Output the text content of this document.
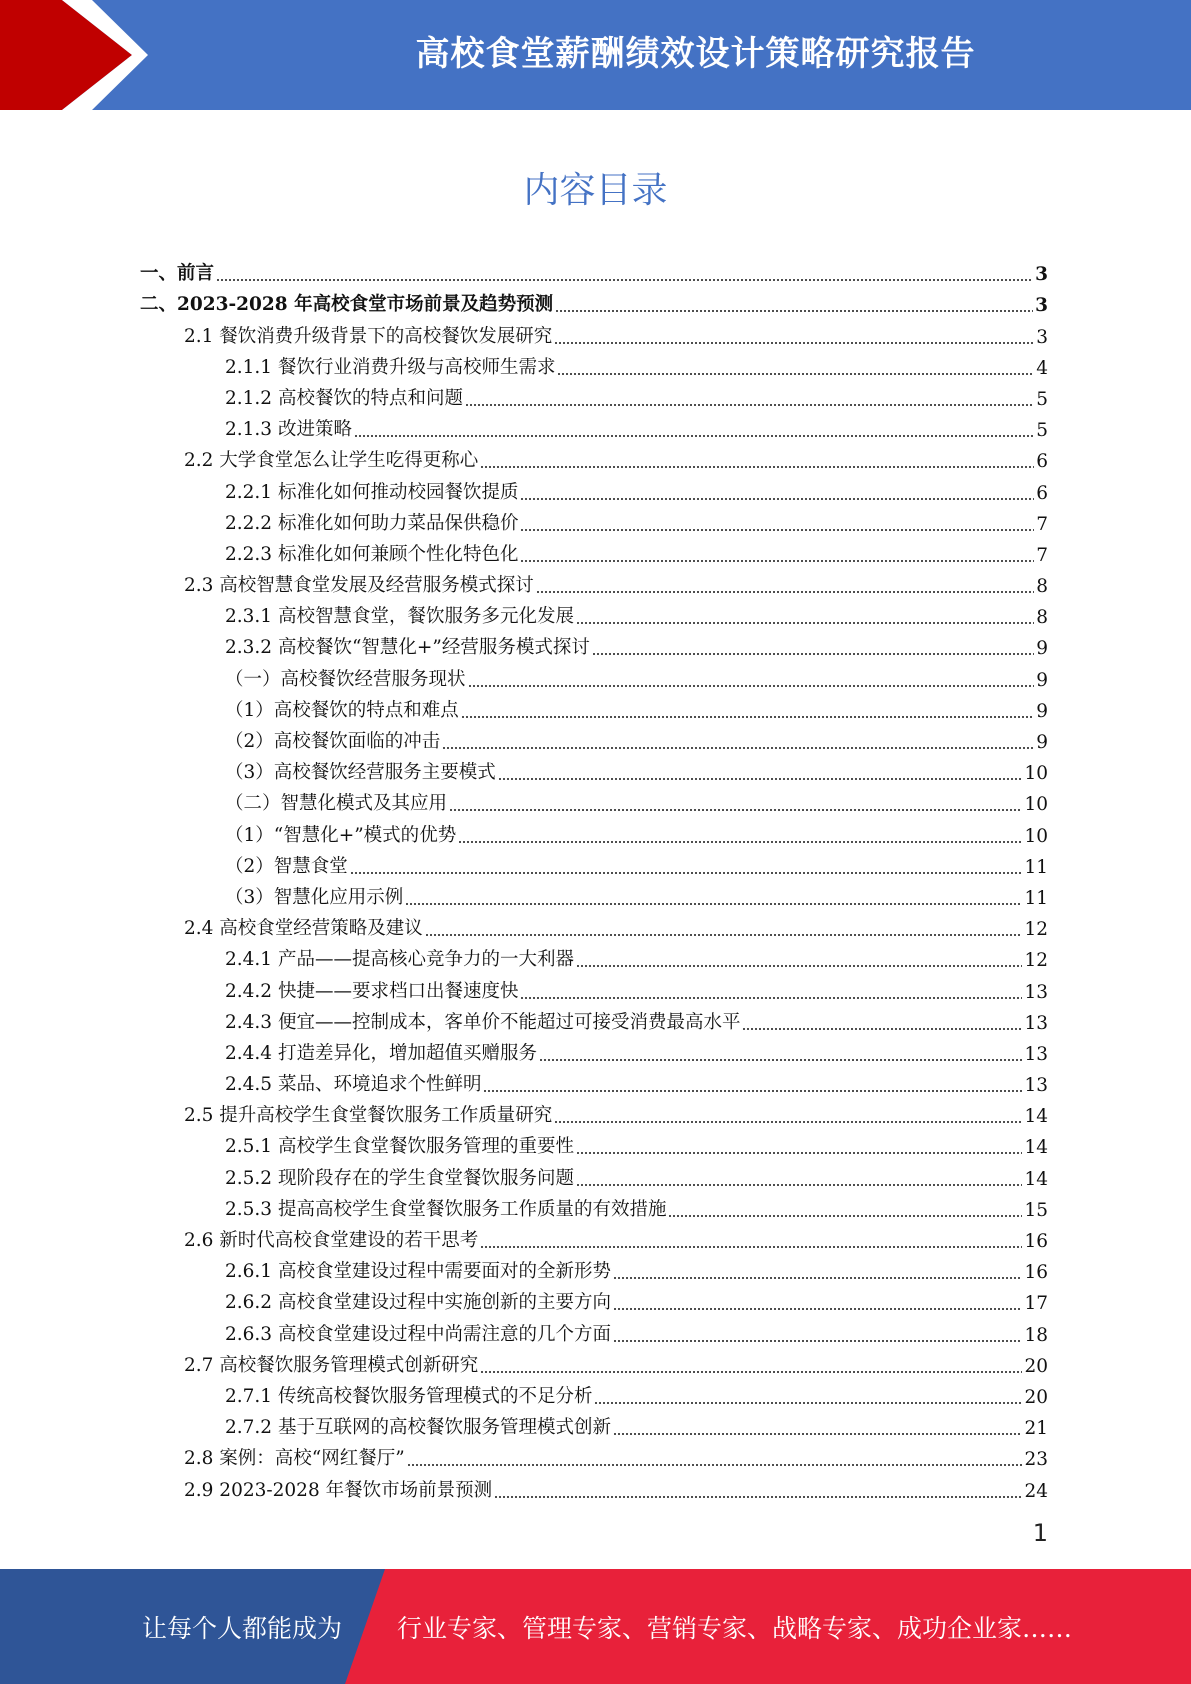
高校食堂薪酬绩效设计策略研究报告
内容目录
一、前言	3
二、2023-2028 年高校食堂市场前景及趋势预测	3
2.1 餐饮消费升级背景下的高校餐饮发展研究	3
2.1.1 餐饮行业消费升级与高校师生需求	4
2.1.2 高校餐饮的特点和问题	5
2.1.3 改进策略	5
2.2 大学食堂怎么让学生吃得更称心	6
2.2.1 标准化如何推动校园餐饮提质	6
2.2.2 标准化如何助力菜品保供稳价	7
2.2.3 标准化如何兼顾个性化特色化	7
2.3 高校智慧食堂发展及经营服务模式探讨	8
2.3.1 高校智慧食堂，餐饮服务多元化发展	8
2.3.2 高校餐饮“智慧化+”经营服务模式探讨	9
（一）高校餐饮经营服务现状	9
（1）高校餐饮的特点和难点	9
（2）高校餐饮面临的冲击	9
（3）高校餐饮经营服务主要模式	10
（二）智慧化模式及其应用	10
（1）“智慧化+”模式的优势	10
（2）智慧食堂	11
（3）智慧化应用示例	11
2.4 高校食堂经营策略及建议	12
2.4.1 产品——提高核心竞争力的一大利器	12
2.4.2 快捷——要求档口出餐速度快	13
2.4.3 便宜——控制成本，客单价不能超过可接受消费最高水平	13
2.4.4 打造差异化，增加超值买赠服务	13
2.4.5 菜品、环境追求个性鲜明	13
2.5 提升高校学生食堂餐饮服务工作质量研究	14
2.5.1 高校学生食堂餐饮服务管理的重要性	14
2.5.2 现阶段存在的学生食堂餐饮服务问题	14
2.5.3 提高高校学生食堂餐饮服务工作质量的有效措施	15
2.6 新时代高校食堂建设的若干思考	16
2.6.1 高校食堂建设过程中需要面对的全新形势	16
2.6.2 高校食堂建设过程中实施创新的主要方向	17
2.6.3 高校食堂建设过程中尚需注意的几个方面	18
2.7 高校餐饮服务管理模式创新研究	20
2.7.1 传统高校餐饮服务管理模式的不足分析	20
2.7.2 基于互联网的高校餐饮服务管理模式创新	21
2.8 案例：高校“网红餐厅”	23
2.9 2023-2028 年餐饮市场前景预测	24
1
让每个人都能成为 行业专家、管理专家、营销专家、战略专家、成功企业家……
